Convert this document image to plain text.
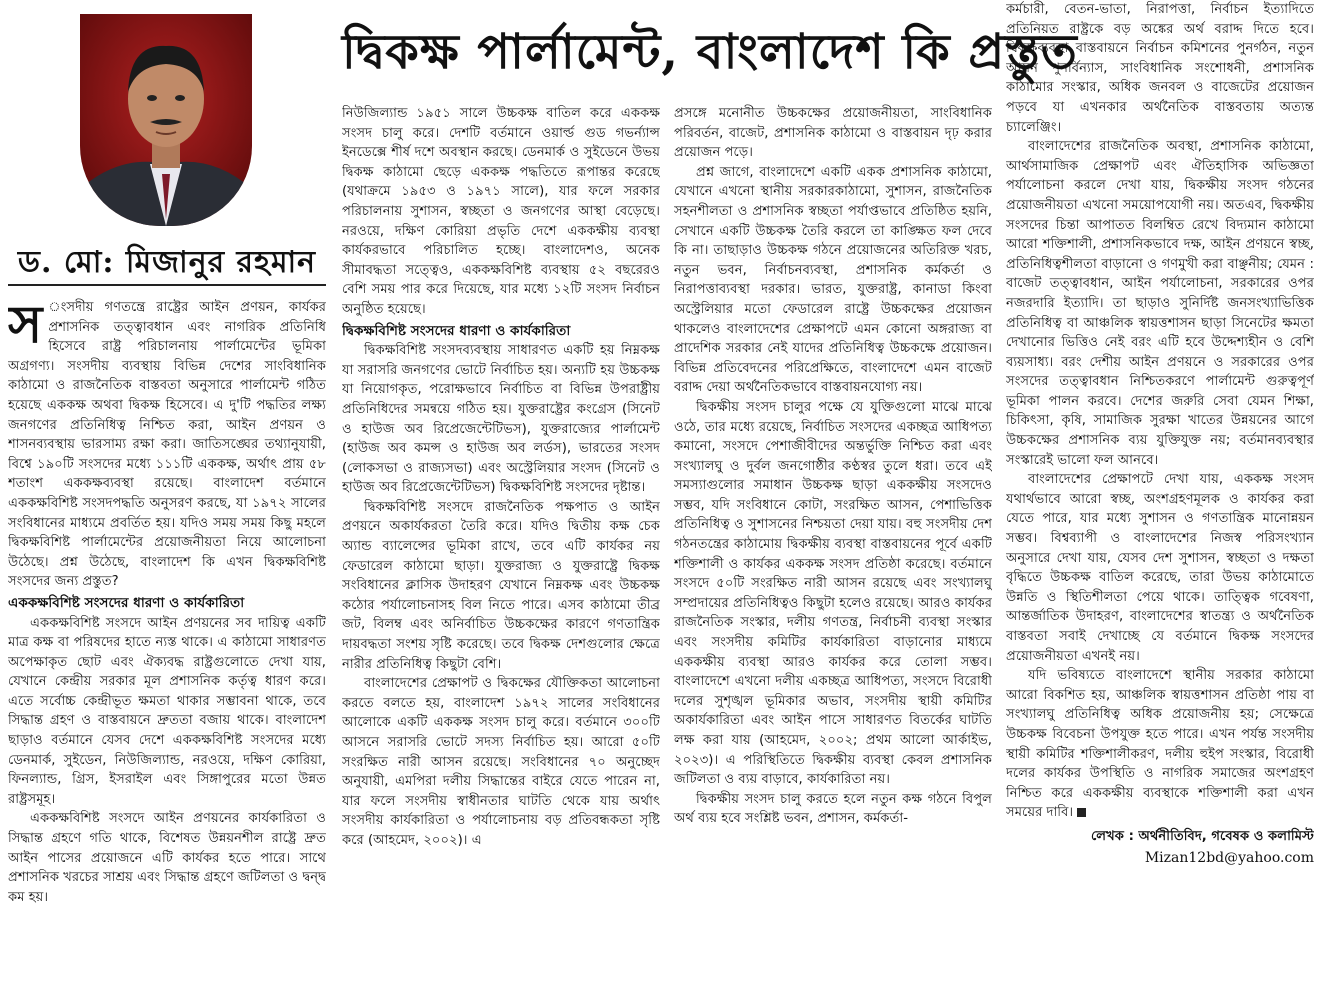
ড. মো: মিজানুর রহমান
দ্বিকক্ষ পার্লামেন্ট, বাংলাদেশ কি প্রস্তুত

স ংসদীয় গণতন্ত্রে রাষ্ট্রের আইন প্রণয়ন, কার্যকর প্রশাসনিক তত্ত্বাবধান এবং নাগরিক প্রতিনিধি হিসেবে রাষ্ট্র পরিচালনায় পার্লামেন্টের ভূমিকা অগ্রগণ্য। সংসদীয় ব্যবস্থায় বিভিন্ন দেশের সাংবিধানিক কাঠামো ও রাজনৈতিক বাস্তবতা অনুসারে পার্লামেন্ট গঠিত হয়েছে এককক্ষ অথবা দ্বিকক্ষ হিসেবে। এ দু'টি পদ্ধতির লক্ষ্য জনগণের প্রতিনিধিত্ব নিশ্চিত করা, আইন প্রণয়ন ও শাসনব্যবস্থায় ভারসাম্য রক্ষা করা। জাতিসঙ্ঘের তথ্যানুযায়ী, বিশ্বে ১৯০টি সংসদের মধ্যে ১১১টি এককক্ষ, অর্থাৎ প্রায় ৫৮ শতাংশ এককক্ষব্যবস্থা রয়েছে। বাংলাদেশ বর্তমানে এককক্ষবিশিষ্ট সংসদপদ্ধতি অনুসরণ করছে, যা ১৯৭২ সালের সংবিধানের মাধ্যমে প্রবর্তিত হয়। যদিও সময় সময় কিছু মহলে দ্বিকক্ষবিশিষ্ট পার্লামেন্টের প্রয়োজনীয়তা নিয়ে আলোচনা উঠেছে। প্রশ্ন উঠেছে, বাংলাদেশ কি এখন দ্বিকক্ষবিশিষ্ট সংসদের জন্য প্রস্তুত?

এককক্ষবিশিষ্ট সংসদের ধারণা ও কার্যকারিতা

এককক্ষবিশিষ্ট সংসদে আইন প্রণয়নের সব দায়িত্ব একটি মাত্র কক্ষ বা পরিষদের হাতে ন্যস্ত থাকে। এ কাঠামো সাধারণত অপেক্ষাকৃত ছোট এবং ঐক্যবদ্ধ রাষ্ট্রগুলোতে দেখা যায়, যেখানে কেন্দ্রীয় সরকার মূল প্রশাসনিক কর্তৃত্ব ধারণ করে। এতে সর্বোচ্চ কেন্দ্রীভূত ক্ষমতা থাকার সম্ভাবনা থাকে, তবে সিদ্ধান্ত গ্রহণ ও বাস্তবায়নে দ্রুততা বজায় থাকে। বাংলাদেশ ছাড়াও বর্তমানে যেসব দেশে এককক্ষবিশিষ্ট সংসদের মধ্যে ডেনমার্ক, সুইডেন, নিউজিল্যান্ড, নরওয়ে, দক্ষিণ কোরিয়া, ফিনল্যান্ড, গ্রিস, ইসরাইল এবং সিঙ্গাপুরের মতো উন্নত রাষ্ট্রসমূহ।

এককক্ষবিশিষ্ট সংসদে আইন প্রণয়নের কার্যকারিতা ও সিদ্ধান্ত গ্রহণে গতি থাকে, বিশেষত উন্নয়নশীল রাষ্ট্রে দ্রুত আইন পাসের প্রয়োজনে এটি কার্যকর হতে পারে। সাথে প্রশাসনিক খরচের সাশ্রয় এবং সিদ্ধান্ত গ্রহণে জটিলতা ও দ্বন্দ্ব কম হয়।

নিউজিল্যান্ড ১৯৫১ সালে উচ্চকক্ষ বাতিল করে এককক্ষ সংসদ চালু করে। দেশটি বর্তমানে ওয়ার্ল্ড গুড গভর্ন্যান্স ইনডেক্সে শীর্ষ দশে অবস্থান করছে। ডেনমার্ক ও সুইডেনে উভয় দ্বিকক্ষ কাঠামো ছেড়ে এককক্ষ পদ্ধতিতে রূপান্তর করেছে (যথাক্রমে ১৯৫৩ ও ১৯৭১ সালে), যার ফলে সরকার পরিচালনায় সুশাসন, স্বচ্ছতা ও জনগণের আস্থা বেড়েছে। নরওয়ে, দক্ষিণ কোরিয়া প্রভৃতি দেশে এককক্ষীয় ব্যবস্থা কার্যকরভাবে পরিচালিত হচ্ছে। বাংলাদেশও, অনেক সীমাবদ্ধতা সত্ত্বেও, এককক্ষবিশিষ্ট ব্যবস্থায় ৫২ বছরেরও বেশি সময় পার করে দিয়েছে, যার মধ্যে ১২টি সংসদ নির্বাচন অনুষ্ঠিত হয়েছে।

দ্বিকক্ষবিশিষ্ট সংসদের ধারণা ও কার্যকারিতা

দ্বিকক্ষবিশিষ্ট সংসদব্যবস্থায় সাধারণত একটি হয় নিম্নকক্ষ যা সরাসরি জনগণের ভোটে নির্বাচিত হয়। অন্যটি হয় উচ্চকক্ষ যা নিয়োগকৃত, পরোক্ষভাবে নির্বাচিত বা বিভিন্ন উপরাষ্ট্রীয় প্রতিনিধিদের সমন্বয়ে গঠিত হয়। যুক্তরাষ্ট্রের কংগ্রেস (সিনেট ও হাউজ অব রিপ্রেজেন্টেটিভস), যুক্তরাজ্যের পার্লামেন্ট (হাউজ অব কমন্স ও হাউজ অব লর্ডস), ভারতের সংসদ (লোকসভা ও রাজ্যসভা) এবং অস্ট্রেলিয়ার সংসদ (সিনেট ও হাউজ অব রিপ্রেজেন্টেটিভস) দ্বিকক্ষবিশিষ্ট সংসদের দৃষ্টান্ত।

দ্বিকক্ষবিশিষ্ট সংসদে রাজনৈতিক পক্ষপাত ও আইন প্রণয়নে অকার্যকরতা তৈরি করে। যদিও দ্বিতীয় কক্ষ চেক অ্যান্ড ব্যালেন্সের ভূমিকা রাখে, তবে এটি কার্যকর নয় ফেডারেল কাঠামো ছাড়া। যুক্তরাজ্য ও যুক্তরাষ্ট্রে দ্বিকক্ষ সংবিধানের ক্লাসিক উদাহরণ যেখানে নিম্নকক্ষ এবং উচ্চকক্ষ কঠোর পর্যালোচনাসহ বিল নিতে পারে। এসব কাঠামো তীব্র জট, বিলম্ব এবং অনির্বাচিত উচ্চকক্ষের কারণে গণতান্ত্রিক দায়বদ্ধতা সংশয় সৃষ্টি করেছে। তবে দ্বিকক্ষ দেশগুলোর ক্ষেত্রে নারীর প্রতিনিধিত্ব কিছুটা বেশি।

বাংলাদেশের প্রেক্ষাপট ও দ্বিকক্ষের যৌক্তিকতা আলোচনা করতে বলতে হয়, বাংলাদেশ ১৯৭২ সালের সংবিধানের আলোকে একটি এককক্ষ সংসদ চালু করে। বর্তমানে ৩০০টি আসনে সরাসরি ভোটে সদস্য নির্বাচিত হয়। আরো ৫০টি সংরক্ষিত নারী আসন রয়েছে। সংবিধানের ৭০ অনুচ্ছেদ অনুযায়ী, এমপিরা দলীয় সিদ্ধান্তের বাইরে যেতে পারেন না, যার ফলে সংসদীয় স্বাধীনতার ঘাটতি থেকে যায় অর্থাৎ সংসদীয় কার্যকারিতা ও পর্যালোচনায় বড় প্রতিবন্ধকতা সৃষ্টি করে (আহমেদ, ২০০২)। এ

প্রসঙ্গে মনোনীত উচ্চকক্ষের প্রয়োজনীয়তা, সাংবিধানিক পরিবর্তন, বাজেট, প্রশাসনিক কাঠামো ও বাস্তবায়ন দৃঢ় করার প্রয়োজন পড়ে।

প্রশ্ন জাগে, বাংলাদেশে একটি একক প্রশাসনিক কাঠামো, যেখানে এখনো স্থানীয় সরকারকাঠামো, সুশাসন, রাজনৈতিক সহনশীলতা ও প্রশাসনিক স্বচ্ছতা পর্যাপ্তভাবে প্রতিষ্ঠিত হয়নি, সেখানে একটি উচ্চকক্ষ তৈরি করলে তা কাঙ্ক্ষিত ফল দেবে কি না। তাছাড়াও উচ্চকক্ষ গঠনে প্রয়োজনের অতিরিক্ত খরচ, নতুন ভবন, নির্বাচনব্যবস্থা, প্রশাসনিক কর্মকর্তা ও নিরাপত্তাব্যবস্থা দরকার। ভারত, যুক্তরাষ্ট্র, কানাডা কিংবা অস্ট্রেলিয়ার মতো ফেডারেল রাষ্ট্রে উচ্চকক্ষের প্রয়োজন থাকলেও বাংলাদেশের প্রেক্ষাপটে এমন কোনো অঙ্গরাজ্য বা প্রাদেশিক সরকার নেই যাদের প্রতিনিধিত্ব উচ্চকক্ষে প্রয়োজন। বিভিন্ন প্রতিবেদনের পরিপ্রেক্ষিতে, বাংলাদেশে এমন বাজেট বরাদ্দ দেয়া অর্থনৈতিকভাবে বাস্তবায়নযোগ্য নয়।

দ্বিকক্ষীয় সংসদ চালুর পক্ষে যে যুক্তিগুলো মাঝে মাঝে ওঠে, তার মধ্যে রয়েছে, নির্বাচিত সংসদের একচ্ছত্র আধিপত্য কমানো, সংসদে পেশাজীবীদের অন্তর্ভুক্তি নিশ্চিত করা এবং সংখ্যালঘু ও দুর্বল জনগোষ্ঠীর কণ্ঠস্বর তুলে ধরা। তবে এই সমস্যাগুলোর সমাধান উচ্চকক্ষ ছাড়া এককক্ষীয় সংসদেও সম্ভব, যদি সংবিধানে কোটা, সংরক্ষিত আসন, পেশাভিত্তিক প্রতিনিধিত্ব ও সুশাসনের নিশ্চয়তা দেয়া যায়। বহু সংসদীয় দেশ গঠনতন্ত্রের কাঠামোয় দ্বিকক্ষীয় ব্যবস্থা বাস্তবায়নের পূর্বে একটি শক্তিশালী ও কার্যকর এককক্ষ সংসদ প্রতিষ্ঠা করেছে। বর্তমানে সংসদে ৫০টি সংরক্ষিত নারী আসন রয়েছে এবং সংখ্যালঘু সম্প্রদায়ের প্রতিনিধিত্বও কিছুটা হলেও রয়েছে। আরও কার্যকর রাজনৈতিক সংস্কার, দলীয় গণতন্ত্র, নির্বাচনী ব্যবস্থা সংস্কার এবং সংসদীয় কমিটির কার্যকারিতা বাড়ানোর মাধ্যমে এককক্ষীয় ব্যবস্থা আরও কার্যকর করে তোলা সম্ভব। বাংলাদেশে এখনো দলীয় একচ্ছত্র আধিপত্য, সংসদে বিরোধী দলের সুশৃঙ্খল ভূমিকার অভাব, সংসদীয় স্থায়ী কমিটির অকার্যকারিতা এবং আইন পাসে সাধারণত বিতর্কের ঘাটতি লক্ষ করা যায় (আহমেদ, ২০০২; প্রথম আলো আর্কাইভ, ২০২৩)। এ পরিস্থিতিতে দ্বিকক্ষীয় ব্যবস্থা কেবল প্রশাসনিক জটিলতা ও ব্যয় বাড়াবে, কার্যকারিতা নয়।

দ্বিকক্ষীয় সংসদ চালু করতে হলে নতুন কক্ষ গঠনে বিপুল অর্থ ব্যয় হবে সংশ্লিষ্ট ভবন, প্রশাসন, কর্মকর্তা-

কর্মচারী, বেতন-ভাতা, নিরাপত্তা, নির্বাচন ইত্যাদিতে প্রতিনিয়ত রাষ্ট্রকে বড় অঙ্কের অর্থ বরাদ্দ দিতে হবে। দ্বিকক্ষব্যবস্থা বাস্তবায়নে নির্বাচন কমিশনের পুনর্গঠন, নতুন আসন পুনর্বিন্যাস, সাংবিধানিক সংশোধনী, প্রশাসনিক কাঠামোর সংস্কার, অধিক জনবল ও বাজেটের প্রয়োজন পড়বে যা এখনকার অর্থনৈতিক বাস্তবতায় অত্যন্ত চ্যালেঞ্জিং।

বাংলাদেশের রাজনৈতিক অবস্থা, প্রশাসনিক কাঠামো, আর্থসামাজিক প্রেক্ষাপট এবং ঐতিহাসিক অভিজ্ঞতা পর্যালোচনা করলে দেখা যায়, দ্বিকক্ষীয় সংসদ গঠনের প্রয়োজনীয়তা এখনো সময়োপযোগী নয়। অতএব, দ্বিকক্ষীয় সংসদের চিন্তা আপাতত বিলম্বিত রেখে বিদ্যমান কাঠামো আরো শক্তিশালী, প্রশাসনিকভাবে দক্ষ, আইন প্রণয়নে স্বচ্ছ, প্রতিনিধিত্বশীলতা বাড়ানো ও গণমুখী করা বাঞ্ছনীয়; যেমন : বাজেট তত্ত্বাবধান, আইন পর্যালোচনা, সরকারের ওপর নজরদারি ইত্যাদি। তা ছাড়াও সুনির্দিষ্ট জনসংখ্যাভিত্তিক প্রতিনিধিত্ব বা আঞ্চলিক স্বায়ত্তশাসন ছাড়া সিনেটের ক্ষমতা দেখানোর ভিত্তিও নেই বরং এটি হবে উদ্দেশ্যহীন ও বেশি ব্যয়সাধ্য। বরং দেশীয় আইন প্রণয়নে ও সরকারের ওপর সংসদের তত্ত্বাবধান নিশ্চিতকরণে পার্লামেন্ট গুরুত্বপূর্ণ ভূমিকা পালন করবে। দেশের জরুরি সেবা যেমন শিক্ষা, চিকিৎসা, কৃষি, সামাজিক সুরক্ষা খাতের উন্নয়নের আগে উচ্চকক্ষের প্রশাসনিক ব্যয় যুক্তিযুক্ত নয়; বর্তমানব্যবস্থার সংস্কারেই ভালো ফল আনবে।

বাংলাদেশের প্রেক্ষাপটে দেখা যায়, এককক্ষ সংসদ যথার্থভাবে আরো স্বচ্ছ, অংশগ্রহণমূলক ও কার্যকর করা যেতে পারে, যার মধ্যে সুশাসন ও গণতান্ত্রিক মানোন্নয়ন সম্ভব। বিশ্বব্যাপী ও বাংলাদেশের নিজস্ব পরিসংখ্যান অনুসারে দেখা যায়, যেসব দেশ সুশাসন, স্বচ্ছতা ও দক্ষতা বৃদ্ধিতে উচ্চকক্ষ বাতিল করেছে, তারা উভয় কাঠামোতে উন্নতি ও স্থিতিশীলতা পেয়ে থাকে। তাত্ত্বিক গবেষণা, আন্তর্জাতিক উদাহরণ, বাংলাদেশের স্বাতন্ত্র্য ও অর্থনৈতিক বাস্তবতা সবাই দেখাচ্ছে যে বর্তমানে দ্বিকক্ষ সংসদের প্রয়োজনীয়তা এখনই নয়।

যদি ভবিষ্যতে বাংলাদেশে স্থানীয় সরকার কাঠামো আরো বিকশিত হয়, আঞ্চলিক স্বায়ত্তশাসন প্রতিষ্ঠা পায় বা সংখ্যালঘু প্রতিনিধিত্ব অধিক প্রয়োজনীয় হয়; সেক্ষেত্রে উচ্চকক্ষ বিবেচনা উপযুক্ত হতে পারে। এখন পর্যন্ত সংসদীয় স্থায়ী কমিটির শক্তিশালীকরণ, দলীয় হুইপ সংস্কার, বিরোধী দলের কার্যকর উপস্থিতি ও নাগরিক সমাজের অংশগ্রহণ নিশ্চিত করে এককক্ষীয় ব্যবস্থাকে শক্তিশালী করা এখন সময়ের দাবি।

লেখক : অর্থনীতিবিদ, গবেষক ও কলামিস্ট
Mizan12bd@yahoo.com
